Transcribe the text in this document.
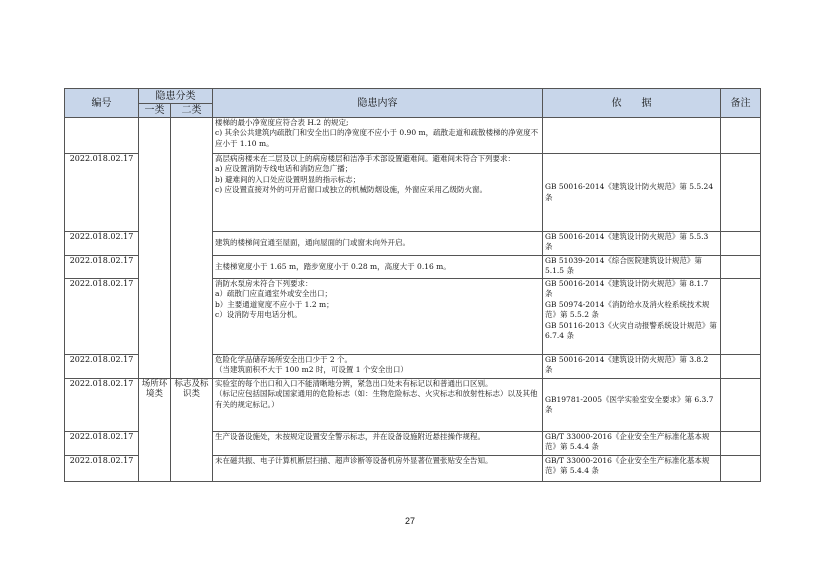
编号	隐患分类		隐患内容	依　　据	备注
	一类	二类			
			楼梯的最小净宽度应符合表 H.2 的规定;
c) 其余公共建筑内疏散门和安全出口的净宽度不应小于 0.90 m，疏散走道和疏散楼梯的净宽度不应小于 1.10 m。		
2022.018.02.17			高层病房楼未在二层及以上的病房楼层和洁净手术部设置避难间。避难间未符合下列要求：
a) 应设置消防专线电话和消防应急广播；
b) 避难间的入口处应设置明显的指示标志；
c) 应设置直接对外的可开启窗口或独立的机械防烟设施，外窗应采用乙级防火窗。	GB 50016-2014《建筑设计防火规范》第 5.5.24 条	
2022.018.02.17			建筑的楼梯间宜通至屋面，通向屋面的门或窗未向外开启。	GB 50016-2014《建筑设计防火规范》第 5.5.3 条	
2022.018.02.17			主楼梯宽度小于 1.65 m，踏步宽度小于 0.28 m，高度大于 0.16 m。	GB 51039-2014《综合医院建筑设计规范》第 5.1.5 条	
2022.018.02.17			消防水泵房未符合下列要求：
a）疏散门应直通室外或安全出口；
b）主要通道宽度不应小于 1.2 m；
c）设消防专用电话分机。	GB 50016-2014《建筑设计防火规范》第 8.1.7 条
GB 50974-2014《消防给水及消火栓系统技术规范》第 5.5.2 条
GB 50116-2013《火灾自动报警系统设计规范》第 6.7.4 条	
2022.018.02.17			危险化学品储存场所安全出口少于 2 个。
（当建筑面积不大于 100 m2 时，可设置 1 个安全出口）	GB 50016-2014《建筑设计防火规范》第 3.8.2 条	
2022.018.02.17	场所环境类	标志及标识类	实验室的每个出口和入口不能清晰地分辨，紧急出口处未有标记以和普通出口区别。
（标记应包括国际或国家通用的危险标志（如：生物危险标志、火灾标志和放射性标志）以及其他有关的规定标记。）	GB19781-2005《医学实验室安全要求》第 6.3.7 条	
2022.018.02.17			生产设备设施处，未按规定设置安全警示标志，并在设备设施附近悬挂操作规程。	GB/T 33000-2016《企业安全生产标准化基本规范》第 5.4.4 条	
2022.018.02.17			未在磁共振、电子计算机断层扫描、超声诊断等设备机房外显著位置张贴安全告知。	GB/T 33000-2016《企业安全生产标准化基本规范》第 5.4.4 条	
27
